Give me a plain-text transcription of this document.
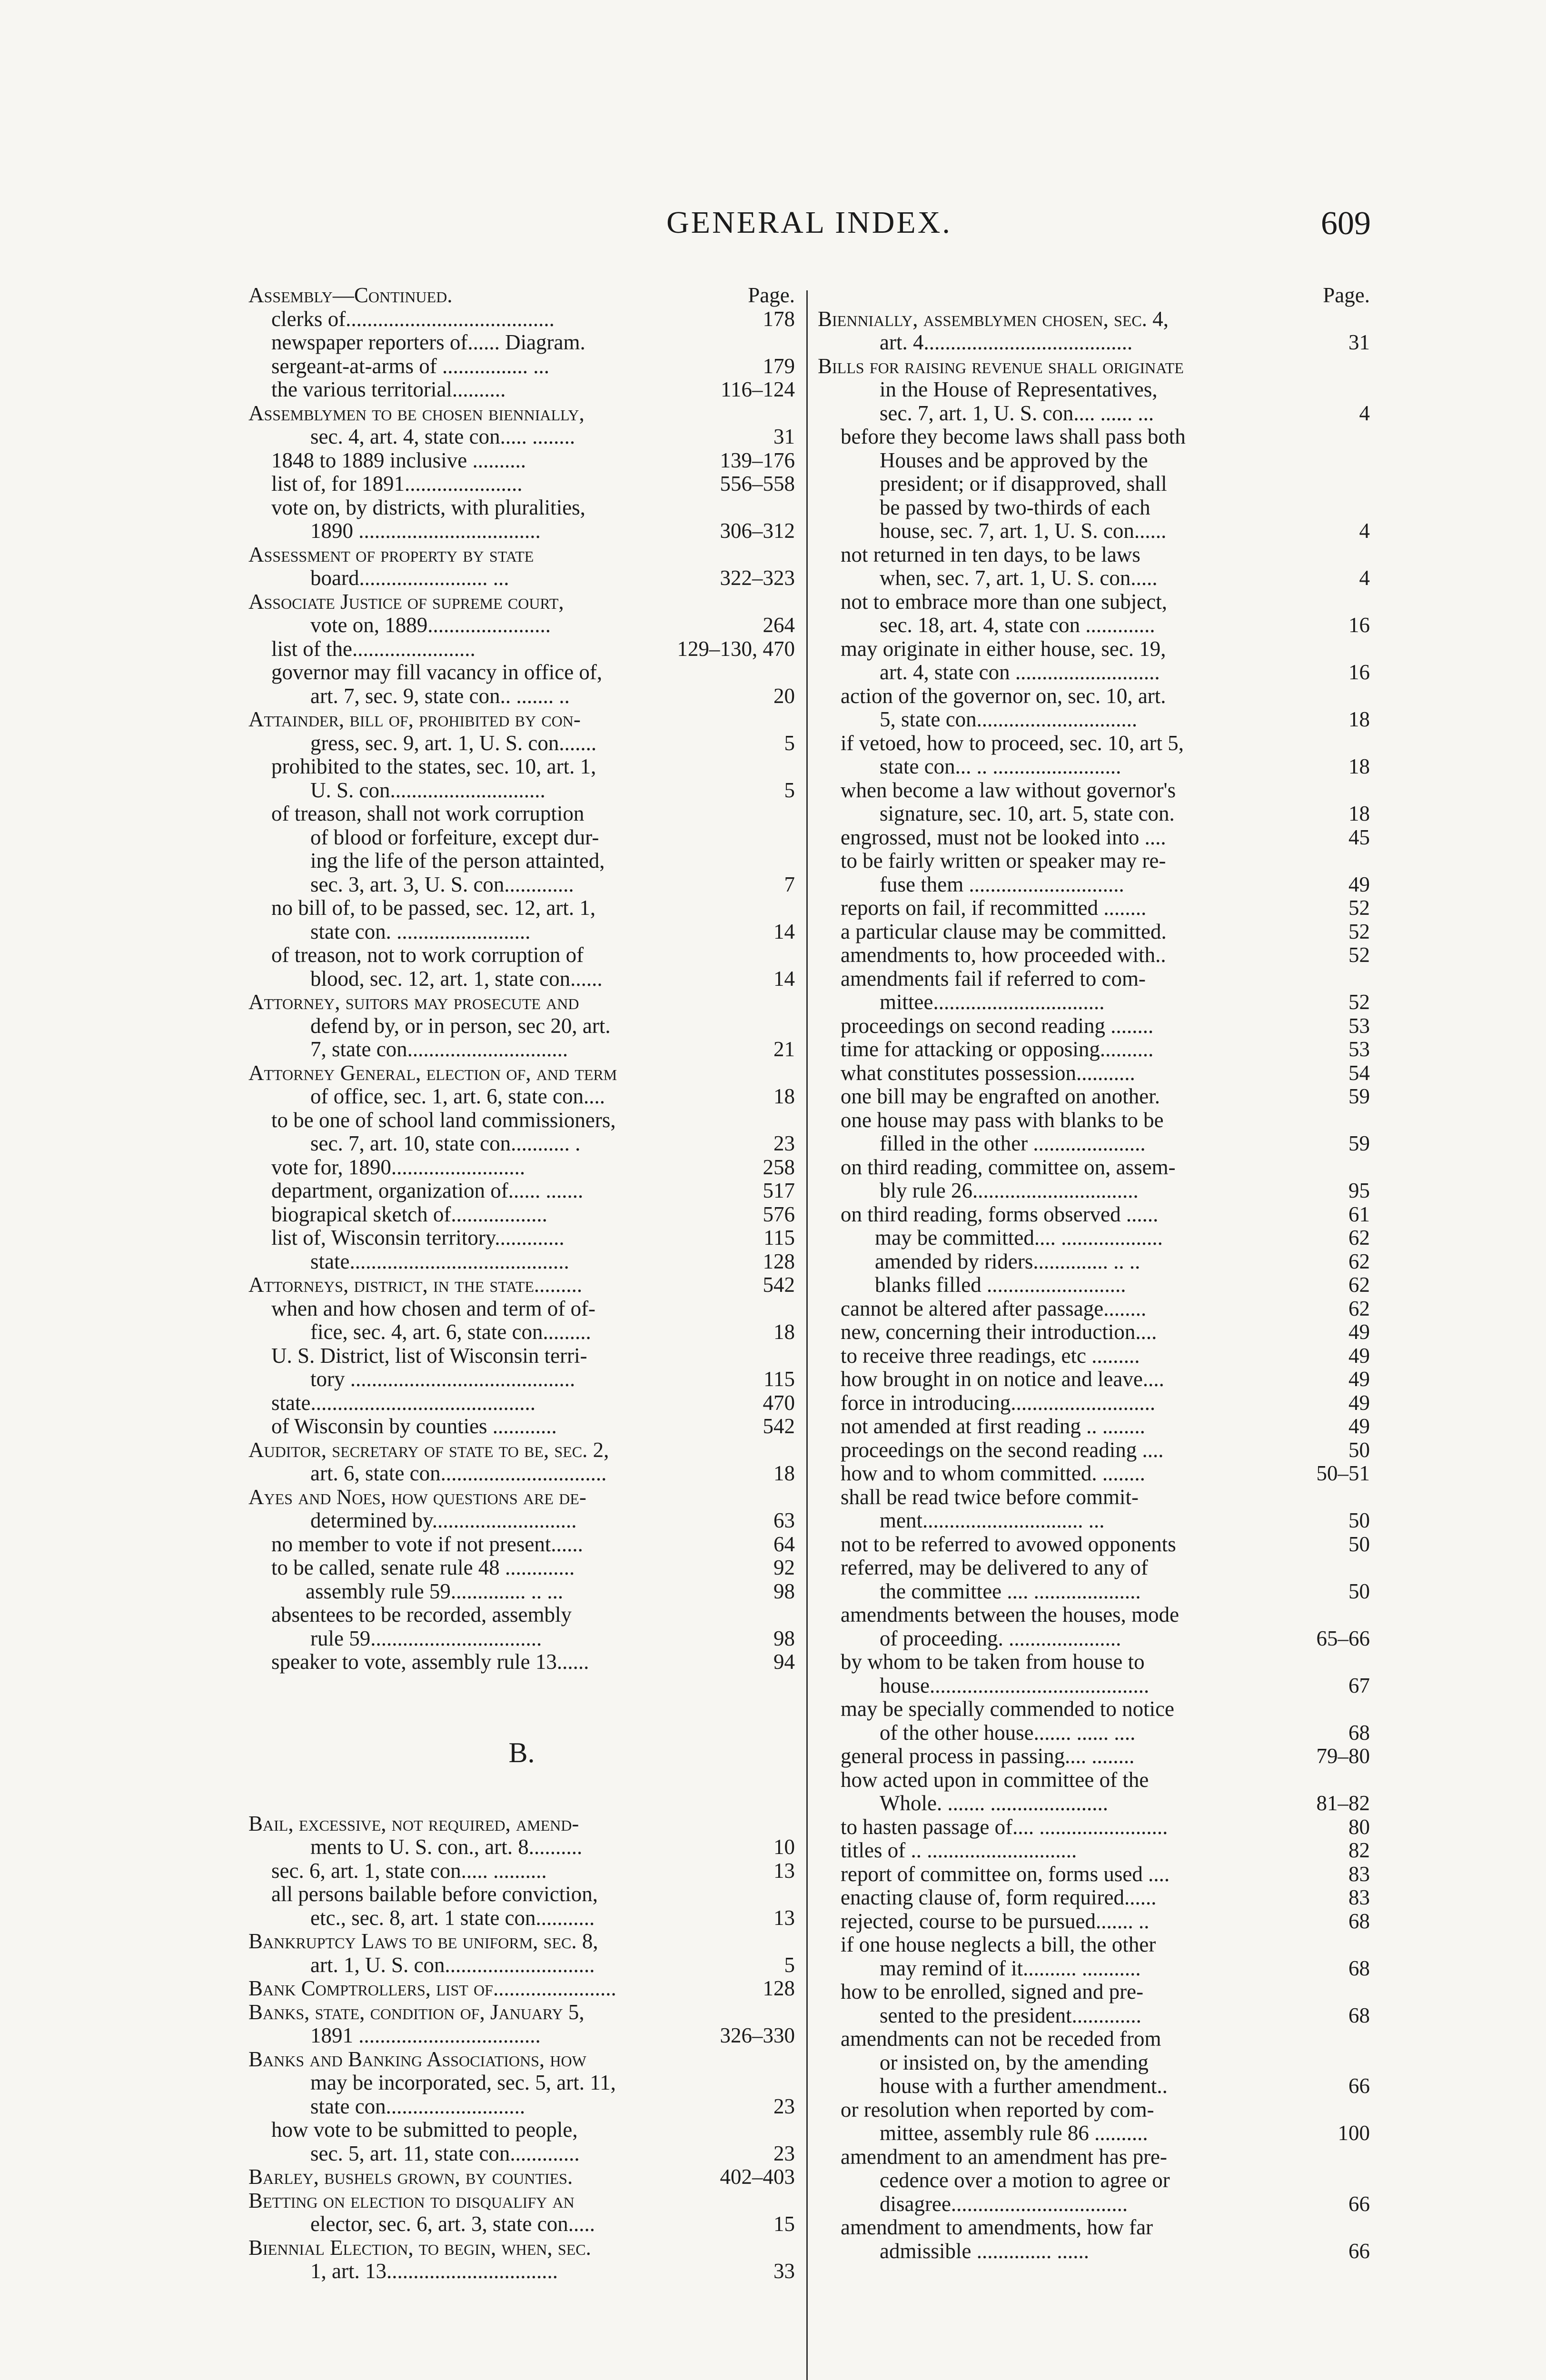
GENERAL INDEX.	609
Assembly—Continued.	Page.
clerks of.......................................	178
newspaper reporters of...... Diagram.
sergeant-at-arms of ................ ...	179
the various territorial..........	116–124
Assemblymen to be chosen biennially,
sec. 4, art. 4, state con..... ........	31
1848 to 1889 inclusive ..........	139–176
list of, for 1891......................	556–558
vote on, by districts, with pluralities,
1890 ..................................	306–312
Assessment of property by state
board........................ ...	322–323
Associate Justice of supreme court,
vote on, 1889.......................	264
list of the.......................	129–130, 470
governor may fill vacancy in office of,
art. 7, sec. 9, state con.. ....... ..	20
Attainder, bill of, prohibited by con-
gress, sec. 9, art. 1, U. S. con.......	5
prohibited to the states, sec. 10, art. 1,
U. S. con.............................	5
of treason, shall not work corruption
of blood or forfeiture, except dur-
ing the life of the person attainted,
sec. 3, art. 3, U. S. con.............	7
no bill of, to be passed, sec. 12, art. 1,
state con. .........................	14
of treason, not to work corruption of
blood, sec. 12, art. 1, state con......	14
Attorney, suitors may prosecute and
defend by, or in person, sec 20, art.
7, state con..............................	21
Attorney General, election of, and term
of office, sec. 1, art. 6, state con....	18
to be one of school land commissioners,
sec. 7, art. 10, state con........... .	23
vote for, 1890.........................	258
department, organization of...... .......	517
biograpical sketch of..................	576
list of, Wisconsin territory.............	115
state.........................................	128
Attorneys, district, in the state.........	542
when and how chosen and term of of-
fice, sec. 4, art. 6, state con.........	18
U. S. District, list of Wisconsin terri-
tory ..........................................	115
state..........................................	470
of Wisconsin by counties ............	542
Auditor, secretary of state to be, sec. 2,
art. 6, state con...............................	18
Ayes and Noes, how questions are de-
determined by...........................	63
no member to vote if not present......	64
to be called, senate rule 48 .............	92
assembly rule 59.............. .. ...	98
absentees to be recorded, assembly
rule 59................................	98
speaker to vote, assembly rule 13......	94
B.
Bail, excessive, not required, amend-
ments to U. S. con., art. 8..........	10
sec. 6, art. 1, state con..... ..........	13
all persons bailable before conviction,
etc., sec. 8, art. 1 state con...........	13
Bankruptcy Laws to be uniform, sec. 8,
art. 1, U. S. con............................	5
Bank Comptrollers, list of.......................	128
Banks, state, condition of, January 5,
1891 ..................................	326–330
Banks and Banking Associations, how
may be incorporated, sec. 5, art. 11,
state con..........................	23
how vote to be submitted to people,
sec. 5, art. 11, state con.............	23
Barley, bushels grown, by counties.	402–403
Betting on election to disqualify an
elector, sec. 6, art. 3, state con.....	15
Biennial Election, to begin, when, sec.
1, art. 13................................	33
Page.
Biennially, assemblymen chosen, sec. 4,
art. 4.......................................	31
Bills for raising revenue shall originate
in the House of Representatives,
sec. 7, art. 1, U. S. con.... ...... ...	4
before they become laws shall pass both
Houses and be approved by the
president; or if disapproved, shall
be passed by two-thirds of each
house, sec. 7, art. 1, U. S. con......	4
not returned in ten days, to be laws
when, sec. 7, art. 1, U. S. con.....	4
not to embrace more than one subject,
sec. 18, art. 4, state con .............	16
may originate in either house, sec. 19,
art. 4, state con ...........................	16
action of the governor on, sec. 10, art.
5, state con..............................	18
if vetoed, how to proceed, sec. 10, art 5,
state con... .. ........................	18
when become a law without governor's
signature, sec. 10, art. 5, state con.	18
engrossed, must not be looked into ....	45
to be fairly written or speaker may re-
fuse them .............................	49
reports on fail, if recommitted ........	52
a particular clause may be committed.	52
amendments to, how proceeded with..	52
amendments fail if referred to com-
mittee................................	52
proceedings on second reading ........	53
time for attacking or opposing..........	53
what constitutes possession...........	54
one bill may be engrafted on another.	59
one house may pass with blanks to be
filled in the other .....................	59
on third reading, committee on, assem-
bly rule 26...............................	95
on third reading, forms observed ......	61
may be committed.... ...................	62
amended by riders.............. .. ..	62
blanks filled ..........................	62
cannot be altered after passage........	62
new, concerning their introduction....	49
to receive three readings, etc .........	49
how brought in on notice and leave....	49
force in introducing...........................	49
not amended at first reading .. ........	49
proceedings on the second reading ....	50
how and to whom committed. ........	50–51
shall be read twice before commit-
ment.............................. ...	50
not to be referred to avowed opponents	50
referred, may be delivered to any of
the committee .... ....................	50
amendments between the houses, mode
of proceeding. .....................	65–66
by whom to be taken from house to
house.........................................	67
may be specially commended to notice
of the other house....... ...... ....	68
general process in passing.... ........	79–80
how acted upon in committee of the
Whole. ....... ......................	81–82
to hasten passage of.... ........................	80
titles of .. ............................	82
report of committee on, forms used ....	83
enacting clause of, form required......	83
rejected, course to be pursued....... ..	68
if one house neglects a bill, the other
may remind of it.......... ...........	68
how to be enrolled, signed and pre-
sented to the president.............	68
amendments can not be receded from
or insisted on, by the amending
house with a further amendment..	66
or resolution when reported by com-
mittee, assembly rule 86 ..........	100
amendment to an amendment has pre-
cedence over a motion to agree or
disagree.................................	66
amendment to amendments, how far
admissible .............. ......	66
